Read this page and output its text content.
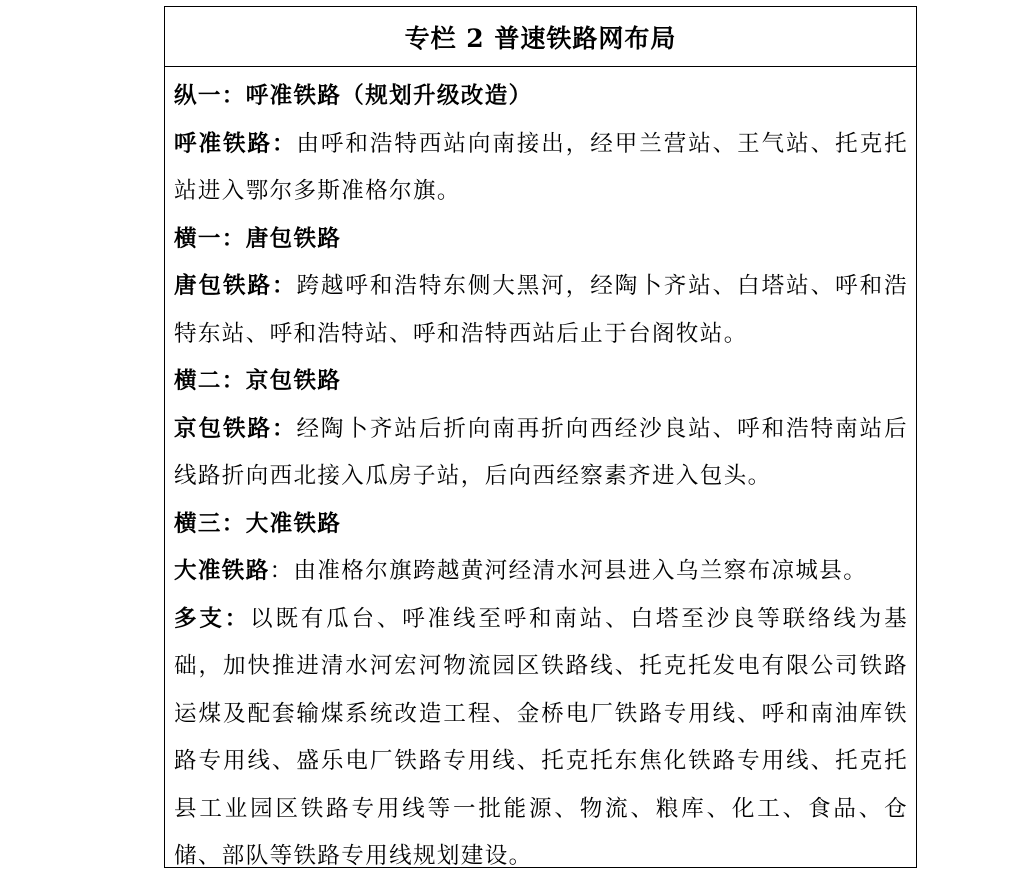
专栏 2 普速铁路网布局

纵一：呼准铁路（规划升级改造）

呼准铁路：由呼和浩特西站向南接出，经甲兰营站、王气站、托克托站进入鄂尔多斯准格尔旗。

横一：唐包铁路

唐包铁路：跨越呼和浩特东侧大黑河，经陶卜齐站、白塔站、呼和浩特东站、呼和浩特站、呼和浩特西站后止于台阁牧站。

横二：京包铁路

京包铁路：经陶卜齐站后折向南再折向西经沙良站、呼和浩特南站后线路折向西北接入瓜房子站，后向西经察素齐进入包头。

横三：大准铁路

大准铁路：由准格尔旗跨越黄河经清水河县进入乌兰察布凉城县。

多支：以既有瓜台、呼准线至呼和南站、白塔至沙良等联络线为基础，加快推进清水河宏河物流园区铁路线、托克托发电有限公司铁路运煤及配套输煤系统改造工程、金桥电厂铁路专用线、呼和南油库铁路专用线、盛乐电厂铁路专用线、托克托东焦化铁路专用线、托克托县工业园区铁路专用线等一批能源、物流、粮库、化工、食品、仓储、部队等铁路专用线规划建设。
